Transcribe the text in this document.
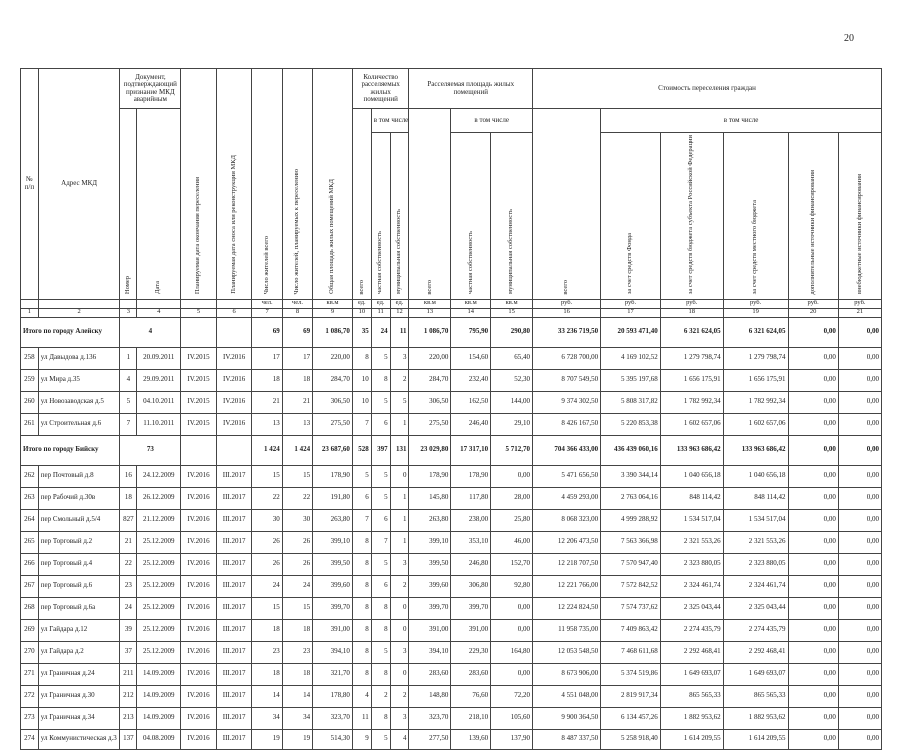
20
№ п/п	Адрес МКД	Документ, подтверждающий признание МКД аварийным		Планируемая дата окончания переселения	Планируемая дата сноса или реконструкции МКД	Число жителей всего	Число жителей, планируемых к переселению	Общая площадь жилых помещений МКД	Количество расселяемых жилых помещений			Расселяемая площадь жилых помещений			Стоимость переселения граждан					
		Номер	Дата						всего	в том числе		всего	в том числе		всего	в том числе				
										частная собственность	муниципальная собственность		частная собственность	муниципальная собственность		за счет средств Фонда	за счет средств бюджета субъекта Российской Федерации	за счет средств местного бюджета	дополнительные источники финансирования	внебюджетные источники финансирования
						чел.	чел.	кв.м	ед.	ед.	ед.	кв.м	кв.м	кв.м	руб.	руб.	руб.	руб.	руб.	руб.
1	2	3	4	5	6	7	8	9	10	11	12	13	14	15	16	17	18	19	20	21
Итого по городу Алейску		4				69	69	1 086,70	35	24	11	1 086,70	795,90	290,80	33 236 719,50	20 593 471,40	6 321 624,05	6 321 624,05	0,00	0,00
258	ул Давыдова д.136	1	20.09.2011	IV.2015	IV.2016	17	17	220,00	8	5	3	220,00	154,60	65,40	6 728 700,00	4 169 102,52	1 279 798,74	1 279 798,74	0,00	0,00
259	ул Мира д.35	4	29.09.2011	IV.2015	IV.2016	18	18	284,70	10	8	2	284,70	232,40	52,30	8 707 549,50	5 395 197,68	1 656 175,91	1 656 175,91	0,00	0,00
260	ул Новозаводская д.5	5	04.10.2011	IV.2015	IV.2016	21	21	306,50	10	5	5	306,50	162,50	144,00	9 374 302,50	5 808 317,82	1 782 992,34	1 782 992,34	0,00	0,00
261	ул Строительная д.6	7	11.10.2011	IV.2015	IV.2016	13	13	275,50	7	6	1	275,50	246,40	29,10	8 426 167,50	5 220 853,38	1 602 657,06	1 602 657,06	0,00	0,00
Итого по городу Бийску		73				1 424	1 424	23 687,60	528	397	131	23 029,80	17 317,10	5 712,70	704 366 433,00	436 439 060,16	133 963 686,42	133 963 686,42	0,00	0,00
262	пер Почтовый д.8	16	24.12.2009	IV.2016	III.2017	15	15	178,90	5	5	0	178,90	178,90	0,00	5 471 656,50	3 390 344,14	1 040 656,18	1 040 656,18	0,00	0,00
263	пер Рабочий д.30в	18	26.12.2009	IV.2016	III.2017	22	22	191,80	6	5	1	145,80	117,80	28,00	4 459 293,00	2 763 064,16	848 114,42	848 114,42	0,00	0,00
264	пер Смольный д.5/4	827	21.12.2009	IV.2016	III.2017	30	30	263,80	7	6	1	263,80	238,00	25,80	8 068 323,00	4 999 288,92	1 534 517,04	1 534 517,04	0,00	0,00
265	пер Торговый д.2	21	25.12.2009	IV.2016	III.2017	26	26	399,10	8	7	1	399,10	353,10	46,00	12 206 473,50	7 563 366,98	2 321 553,26	2 321 553,26	0,00	0,00
266	пер Торговый д.4	22	25.12.2009	IV.2016	III.2017	26	26	399,50	8	5	3	399,50	246,80	152,70	12 218 707,50	7 570 947,40	2 323 880,05	2 323 880,05	0,00	0,00
267	пер Торговый д.6	23	25.12.2009	IV.2016	III.2017	24	24	399,60	8	6	2	399,60	306,80	92,80	12 221 766,00	7 572 842,52	2 324 461,74	2 324 461,74	0,00	0,00
268	пер Торговый д.6а	24	25.12.2009	IV.2016	III.2017	15	15	399,70	8	8	0	399,70	399,70	0,00	12 224 824,50	7 574 737,62	2 325 043,44	2 325 043,44	0,00	0,00
269	ул Гайдара д.12	39	25.12.2009	IV.2016	III.2017	18	18	391,00	8	8	0	391,00	391,00	0,00	11 958 735,00	7 409 863,42	2 274 435,79	2 274 435,79	0,00	0,00
270	ул Гайдара д.2	37	25.12.2009	IV.2016	III.2017	23	23	394,10	8	5	3	394,10	229,30	164,80	12 053 548,50	7 468 611,68	2 292 468,41	2 292 468,41	0,00	0,00
271	ул Граничная д.24	211	14.09.2009	IV.2016	III.2017	18	18	321,70	8	8	0	283,60	283,60	0,00	8 673 906,00	5 374 519,86	1 649 693,07	1 649 693,07	0,00	0,00
272	ул Граничная д.30	212	14.09.2009	IV.2016	III.2017	14	14	178,80	4	2	2	148,80	76,60	72,20	4 551 048,00	2 819 917,34	865 565,33	865 565,33	0,00	0,00
273	ул Граничная д.34	213	14.09.2009	IV.2016	III.2017	34	34	323,70	11	8	3	323,70	218,10	105,60	9 900 364,50	6 134 457,26	1 882 953,62	1 882 953,62	0,00	0,00
274	ул Коммунистическая д.3	137	04.08.2009	IV.2016	III.2017	19	19	514,30	9	5	4	277,50	139,60	137,90	8 487 337,50	5 258 918,40	1 614 209,55	1 614 209,55	0,00	0,00
